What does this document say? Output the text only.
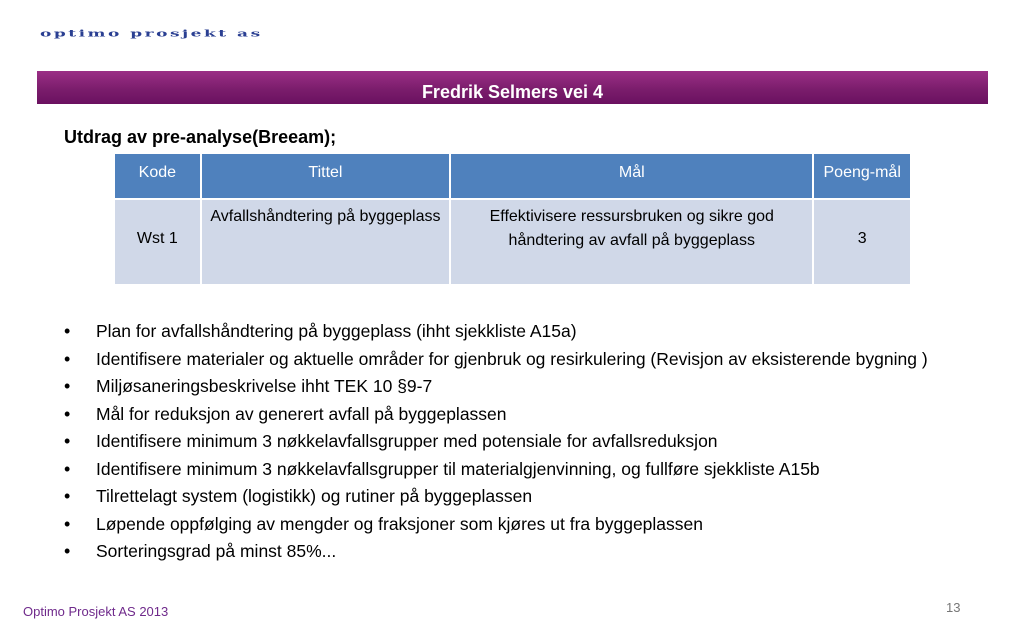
optimo prosjekt as
Fredrik Selmers vei 4
Utdrag av pre-analyse(Breeam);
Kode	Tittel	Mål	Poeng-mål
Wst 1	Avfallshåndtering på byggeplass	Effektivisere ressursbruken og sikre god håndtering av avfall på byggeplass	3
• Plan for avfallshåndtering på byggeplass (ihht sjekkliste A15a)
• Identifisere materialer og aktuelle områder for gjenbruk og resirkulering (Revisjon av eksisterende bygning )
• Miljøsaneringsbeskrivelse ihht TEK 10 §9-7
• Mål for reduksjon av generert avfall på byggeplassen
• Identifisere minimum 3 nøkkelavfallsgrupper med potensiale for avfallsreduksjon
• Identifisere minimum 3 nøkkelavfallsgrupper til materialgjenvinning, og fullføre sjekkliste A15b
• Tilrettelagt system (logistikk) og rutiner på byggeplassen
• Løpende oppfølging av mengder og fraksjoner som kjøres ut fra byggeplassen
• Sorteringsgrad på minst 85%...
Optimo Prosjekt AS 2013	13
